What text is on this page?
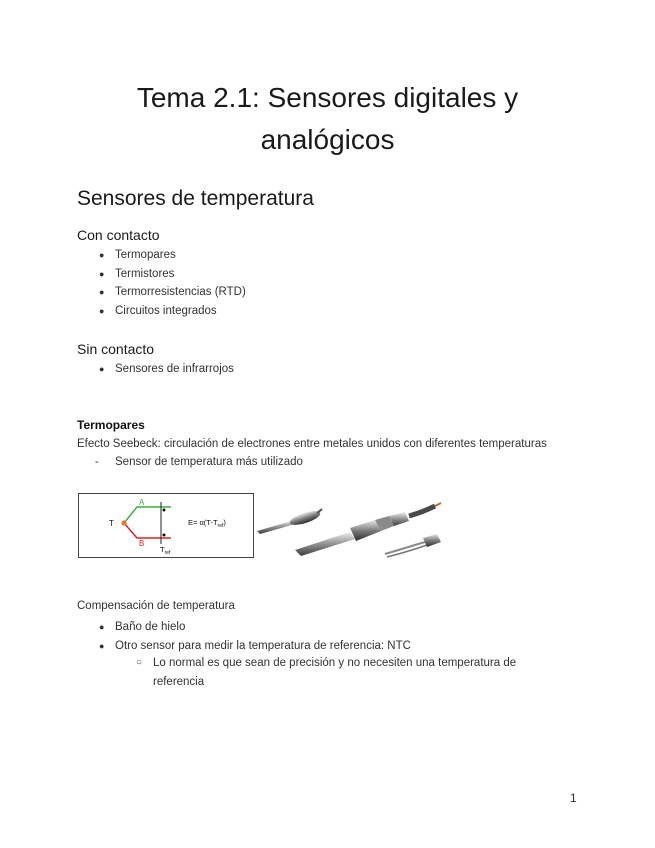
Tema 2.1: Sensores digitales y
analógicos
Sensores de temperatura
Con contacto
● Termopares
● Termistores
● Termorresistencias (RTD)
● Circuitos integrados
Sin contacto
● Sensores de infrarrojos
Termopares
Efecto Seebeck: circulación de electrones entre metales unidos con diferentes temperaturas
- Sensor de temperatura más utilizado
T
A
B
$E= \alpha(T-T_{ref})$
$T_{ref}$
Compensación de temperatura
● Baño de hielo
● Otro sensor para medir la temperatura de referencia: NTC
○ Lo normal es que sean de precisión y no necesiten una temperatura de referencia
1
